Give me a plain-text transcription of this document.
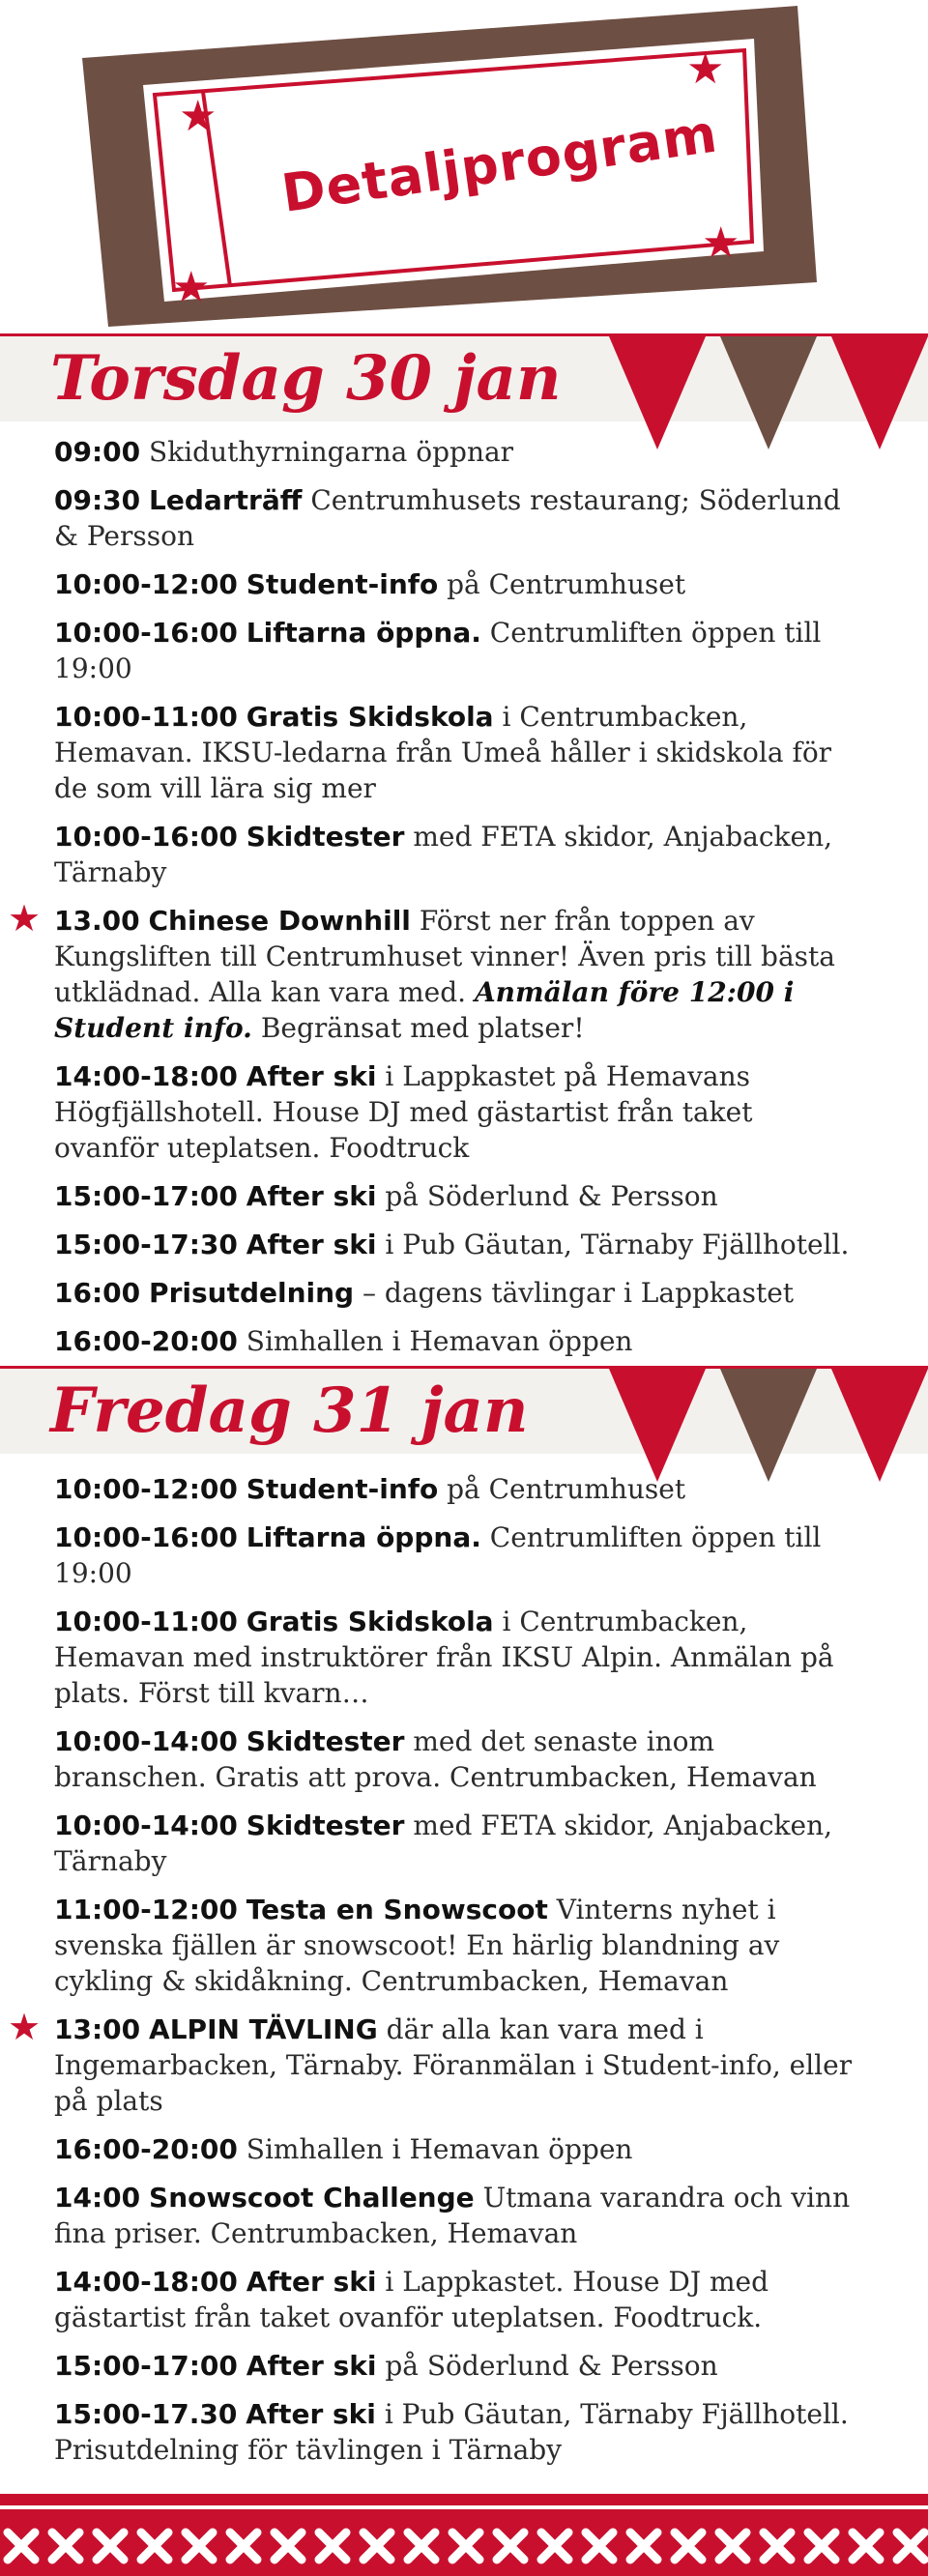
★
★
★
★
Detaljprogram
Torsdag 30 jan
09:00 Skiduthyrningarna öppnar
09:30 Ledarträff Centrumhusets restaurang; Söderlund & Persson
10:00-12:00 Student-info på Centrumhuset
10:00-16:00 Liftarna öppna. Centrumliften öppen till 19:00
10:00-11:00 Gratis Skidskola i Centrumbacken, Hemavan. IKSU-ledarna från Umeå håller i skidskola för de som vill lära sig mer
10:00-16:00 Skidtester med FETA skidor, Anjabacken, Tärnaby
★ 13.00 Chinese Downhill Först ner från toppen av Kungsliften till Centrumhuset vinner! Även pris till bästa utklädnad. Alla kan vara med. Anmälan före 12:00 i Student info. Begränsat med platser!
14:00-18:00 After ski i Lappkastet på Hemavans Högfjällshotell. House DJ med gästartist från taket ovanför uteplatsen. Foodtruck
15:00-17:00 After ski på Söderlund & Persson
15:00-17:30 After ski i Pub Gäutan, Tärnaby Fjällhotell.
16:00 Prisutdelning – dagens tävlingar i Lappkastet
16:00-20:00 Simhallen i Hemavan öppen
Fredag 31 jan
10:00-12:00 Student-info på Centrumhuset
10:00-16:00 Liftarna öppna. Centrumliften öppen till 19:00
10:00-11:00 Gratis Skidskola i Centrumbacken, Hemavan med instruktörer från IKSU Alpin. Anmälan på plats. Först till kvarn…
10:00-14:00 Skidtester med det senaste inom branschen. Gratis att prova. Centrumbacken, Hemavan
10:00-14:00 Skidtester med FETA skidor, Anjabacken, Tärnaby
11:00-12:00 Testa en Snowscoot Vinterns nyhet i svenska fjällen är snowscoot! En härlig blandning av cykling & skidåkning. Centrumbacken, Hemavan
★ 13:00 ALPIN TÄVLING där alla kan vara med i Ingemarbacken, Tärnaby. Föranmälan i Student-info, eller på plats
16:00-20:00 Simhallen i Hemavan öppen
14:00 Snowscoot Challenge Utmana varandra och vinn fina priser. Centrumbacken, Hemavan
14:00-18:00 After ski i Lappkastet. House DJ med gästartist från taket ovanför uteplatsen. Foodtruck.
15:00-17:00 After ski på Söderlund & Persson
15:00-17.30 After ski i Pub Gäutan, Tärnaby Fjällhotell. Prisutdelning för tävlingen i Tärnaby
